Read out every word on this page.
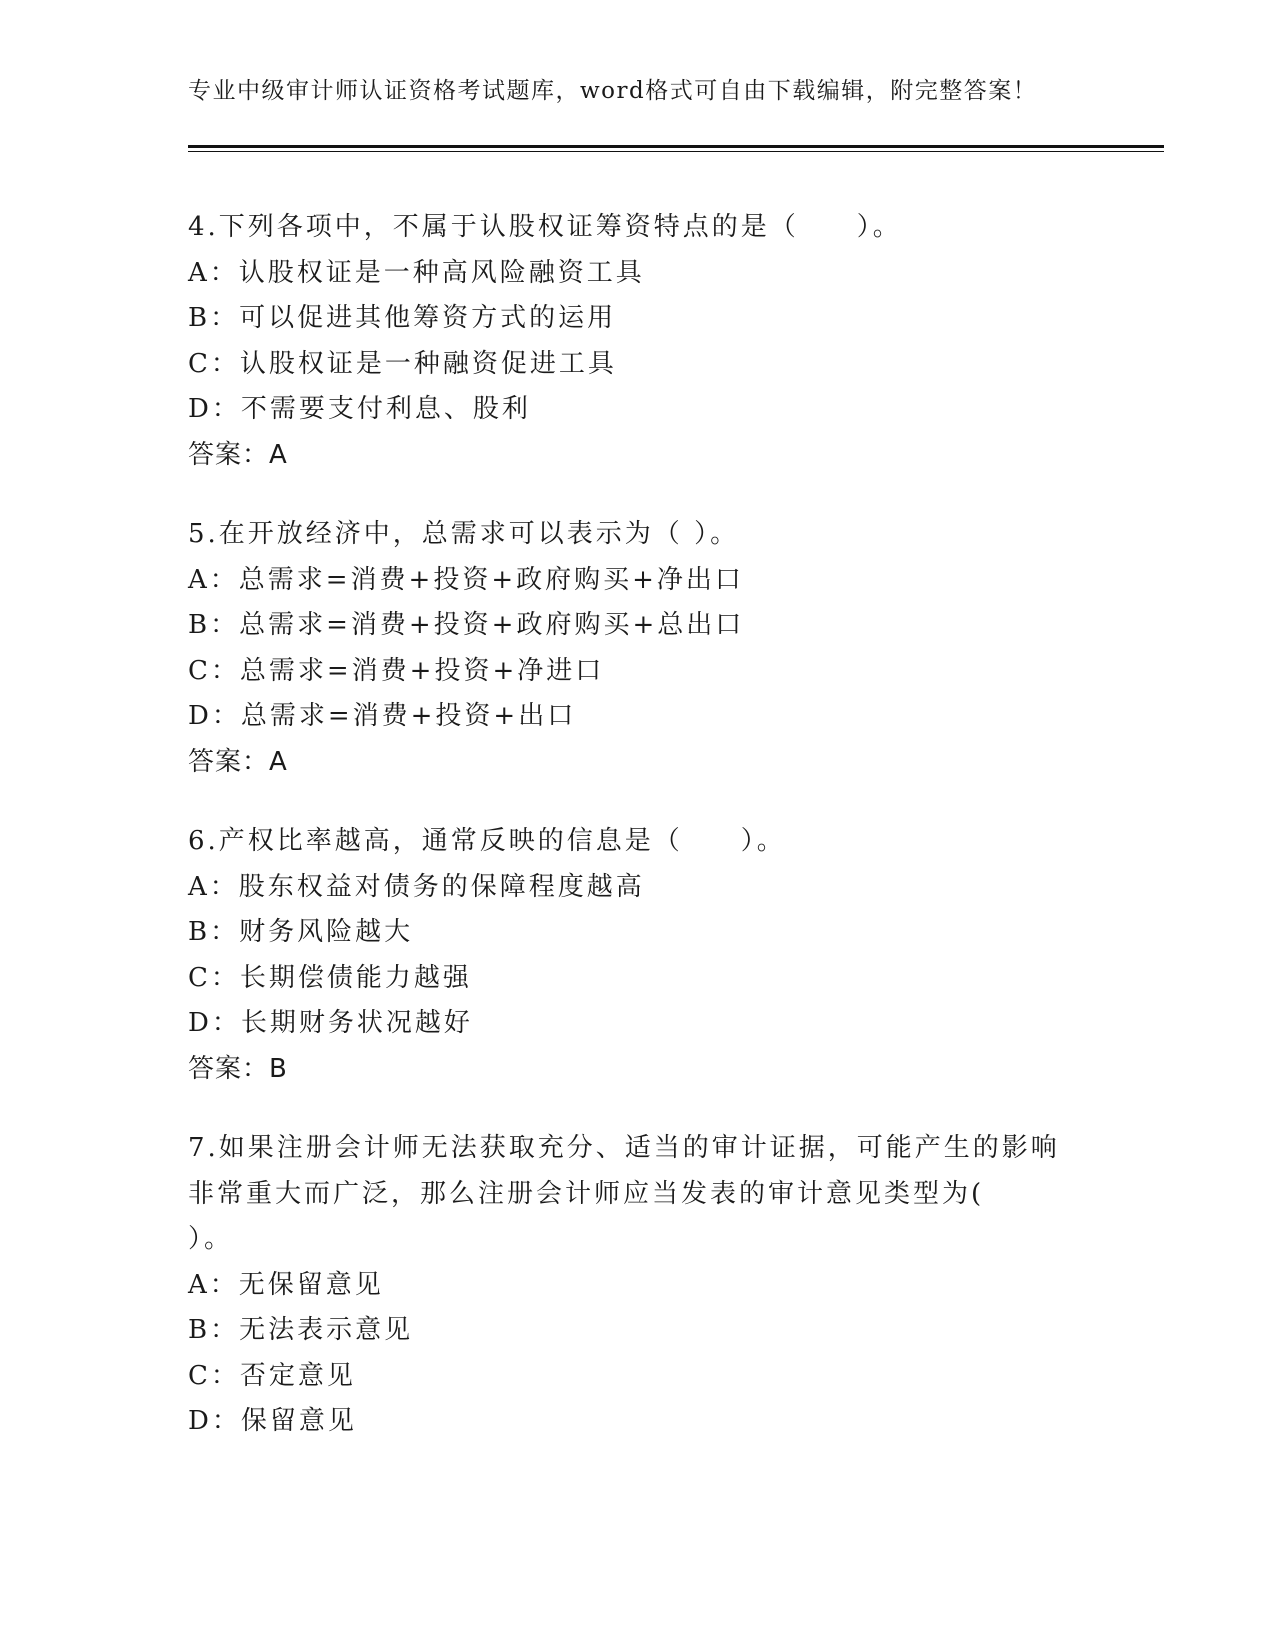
专业中级审计师认证资格考试题库，word格式可自由下载编辑，附完整答案！
4.下列各项中，不属于认股权证筹资特点的是（　　）。
A：认股权证是一种高风险融资工具
B：可以促进其他筹资方式的运用
C：认股权证是一种融资促进工具
D：不需要支付利息、股利
答案：A
5.在开放经济中，总需求可以表示为（ ）。
A：总需求=消费+投资+政府购买+净出口
B：总需求=消费+投资+政府购买+总出口
C：总需求=消费+投资+净进口
D：总需求=消费+投资+出口
答案：A
6.产权比率越高，通常反映的信息是（　　）。
A：股东权益对债务的保障程度越高
B：财务风险越大
C：长期偿债能力越强
D：长期财务状况越好
答案：B
7.如果注册会计师无法获取充分、适当的审计证据，可能产生的影响
非常重大而广泛，那么注册会计师应当发表的审计意见类型为(
）。
A：无保留意见
B：无法表示意见
C：否定意见
D：保留意见
